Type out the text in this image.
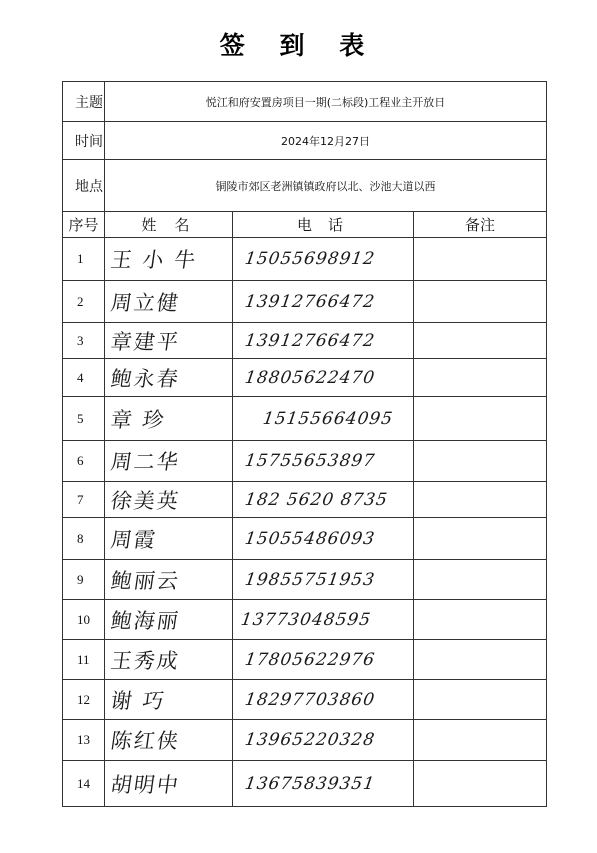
签 到 表
主题	悦江和府安置房项目一期(二标段)工程业主开放日		
时间	2024年12月27日		
地点	铜陵市郊区老洲镇镇政府以北、沙池大道以西		
序号	姓名	电话	备注
1	王 小 牛	15055698912	
2	周立健	13912766472	
3	章建平	13912766472	
4	鲍永春	18805622470	
5	章 珍	15155664095	
6	周二华	15755653897	
7	徐美英	182 5620 8735	
8	周霞	15055486093	
9	鲍丽云	19855751953	
10	鲍海丽	13773048595	
11	王秀成	17805622976	
12	谢 巧	18297703860	
13	陈红侠	13965220328	
14	胡明中	13675839351	
